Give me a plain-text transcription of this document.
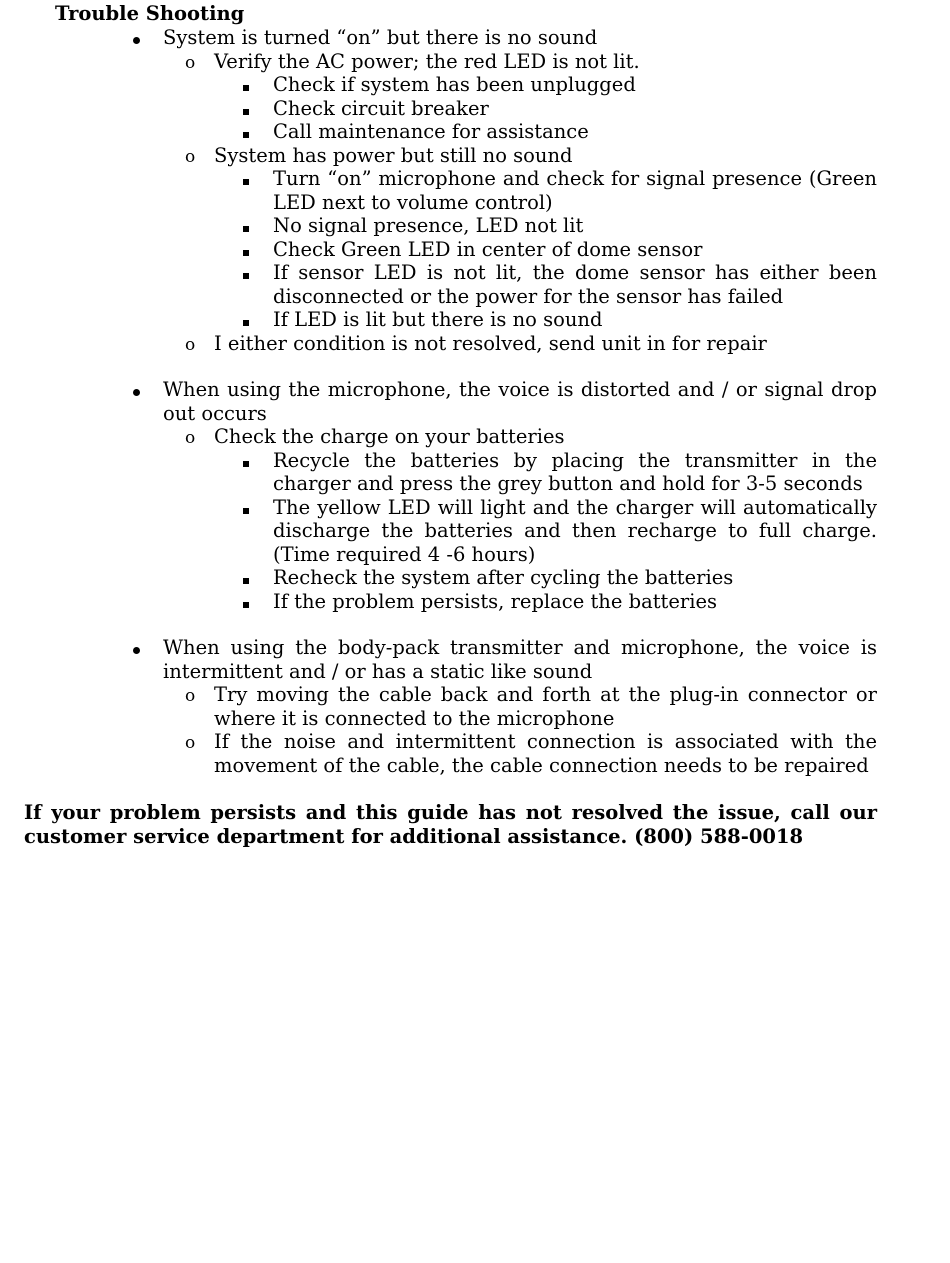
Trouble Shooting
System is turned “on” but there is no sound
o Verify the AC power; the red LED is not lit.
Check if system has been unplugged
Check circuit breaker
Call maintenance for assistance
o System has power but still no sound
Turn “on” microphone and check for signal presence (Green LED next to volume control)
No signal presence, LED not lit
Check Green LED in center of dome sensor
If sensor LED is not lit, the dome sensor has either been disconnected or the power for the sensor has failed
If LED is lit but there is no sound
o I either condition is not resolved, send unit in for repair
When using the microphone, the voice is distorted and / or signal drop out occurs
o Check the charge on your batteries
Recycle the batteries by placing the transmitter in the charger and press the grey button and hold for 3-5 seconds
The yellow LED will light and the charger will automatically discharge the batteries and then recharge to full charge. (Time required 4 -6 hours)
Recheck the system after cycling the batteries
If the problem persists, replace the batteries
When using the body-pack transmitter and microphone, the voice is intermittent and / or has a static like sound
o Try moving the cable back and forth at the plug-in connector or where it is connected to the microphone
o If the noise and intermittent connection is associated with the movement of the cable, the cable connection needs to be repaired

If your problem persists and this guide has not resolved the issue, call our customer service department for additional assistance. (800) 588-0018
